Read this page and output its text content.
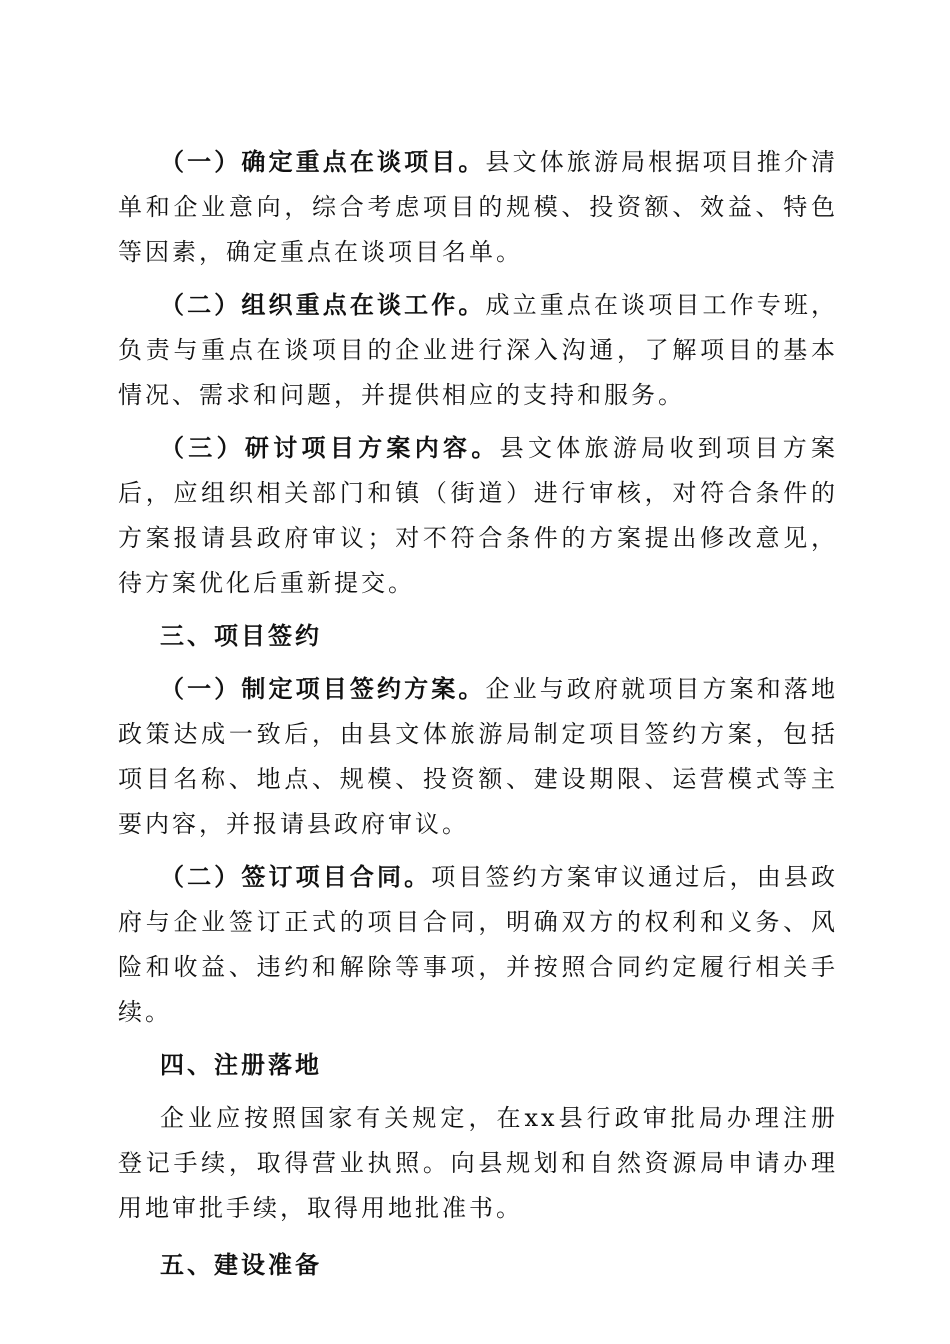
（一）确定重点在谈项目。县文体旅游局根据项目推介清单和企业意向，综合考虑项目的规模、投资额、效益、特色等因素，确定重点在谈项目名单。

（二）组织重点在谈工作。成立重点在谈项目工作专班，负责与重点在谈项目的企业进行深入沟通，了解项目的基本情况、需求和问题，并提供相应的支持和服务。

（三）研讨项目方案内容。县文体旅游局收到项目方案后，应组织相关部门和镇（街道）进行审核，对符合条件的方案报请县政府审议；对不符合条件的方案提出修改意见，待方案优化后重新提交。

三、项目签约

（一）制定项目签约方案。企业与政府就项目方案和落地政策达成一致后，由县文体旅游局制定项目签约方案，包括项目名称、地点、规模、投资额、建设期限、运营模式等主要内容，并报请县政府审议。

（二）签订项目合同。项目签约方案审议通过后，由县政府与企业签订正式的项目合同，明确双方的权利和义务、风险和收益、违约和解除等事项，并按照合同约定履行相关手续。

四、注册落地

企业应按照国家有关规定，在xx县行政审批局办理注册登记手续，取得营业执照。向县规划和自然资源局申请办理用地审批手续，取得用地批准书。

五、建设准备
